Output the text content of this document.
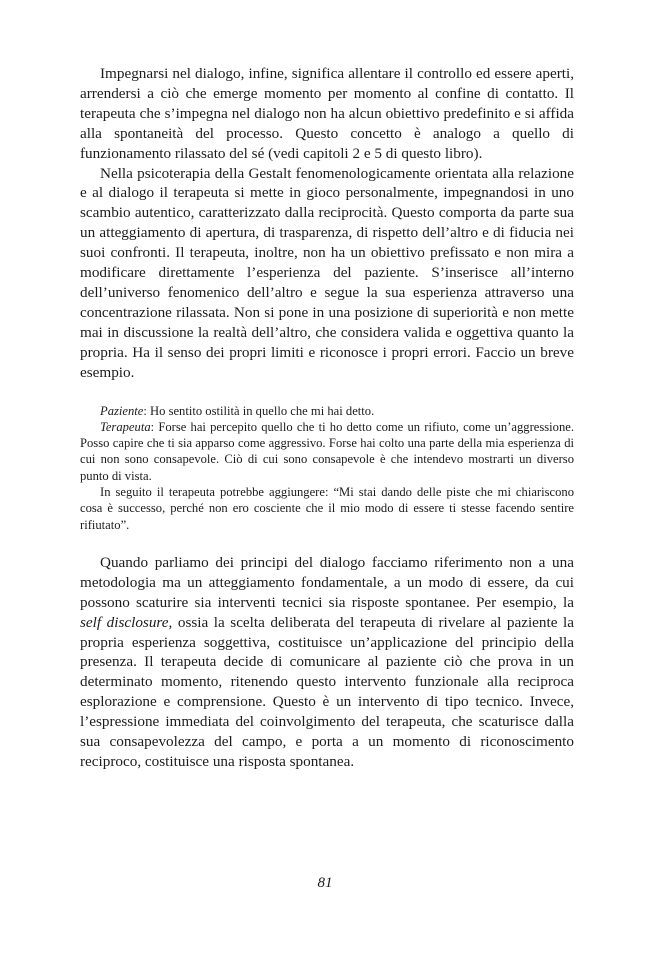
Impegnarsi nel dialogo, infine, significa allentare il controllo ed essere aperti, arrendersi a ciò che emerge momento per momento al confine di contatto. Il terapeuta che s’impegna nel dialogo non ha alcun obiettivo predefinito e si affida alla spontaneità del processo. Questo concetto è analogo a quello di funzionamento rilassato del sé (vedi capitoli 2 e 5 di questo libro).

Nella psicoterapia della Gestalt fenomenologicamente orientata alla relazione e al dialogo il terapeuta si mette in gioco personalmente, impegnandosi in uno scambio autentico, caratterizzato dalla reciprocità. Questo comporta da parte sua un atteggiamento di apertura, di trasparenza, di rispetto dell’altro e di fiducia nei suoi confronti. Il terapeuta, inoltre, non ha un obiettivo prefissato e non mira a modificare direttamente l’esperienza del paziente. S’inserisce all’interno dell’universo fenomenico dell’altro e segue la sua esperienza attraverso una concentrazione rilassata. Non si pone in una posizione di superiorità e non mette mai in discussione la realtà dell’altro, che considera valida e oggettiva quanto la propria. Ha il senso dei propri limiti e riconosce i propri errori. Faccio un breve esempio.

Paziente: Ho sentito ostilità in quello che mi hai detto.

Terapeuta: Forse hai percepito quello che ti ho detto come un rifiuto, come un’aggressione. Posso capire che ti sia apparso come aggressivo. Forse hai colto una parte della mia esperienza di cui non sono consapevole. Ciò di cui sono consapevole è che intendevo mostrarti un diverso punto di vista.

In seguito il terapeuta potrebbe aggiungere: “Mi stai dando delle piste che mi chiariscono cosa è successo, perché non ero cosciente che il mio modo di essere ti stesse facendo sentire rifiutato”.

Quando parliamo dei principi del dialogo facciamo riferimento non a una metodologia ma un atteggiamento fondamentale, a un modo di essere, da cui possono scaturire sia interventi tecnici sia risposte spontanee. Per esempio, la self disclosure, ossia la scelta deliberata del terapeuta di rivelare al paziente la propria esperienza soggettiva, costituisce un’applicazione del principio della presenza. Il terapeuta decide di comunicare al paziente ciò che prova in un determinato momento, ritenendo questo intervento funzionale alla reciproca esplorazione e comprensione. Questo è un intervento di tipo tecnico. Invece, l’espressione immediata del coinvolgimento del terapeuta, che scaturisce dalla sua consapevolezza del campo, e porta a un momento di riconoscimento reciproco, costituisce una risposta spontanea.

81
